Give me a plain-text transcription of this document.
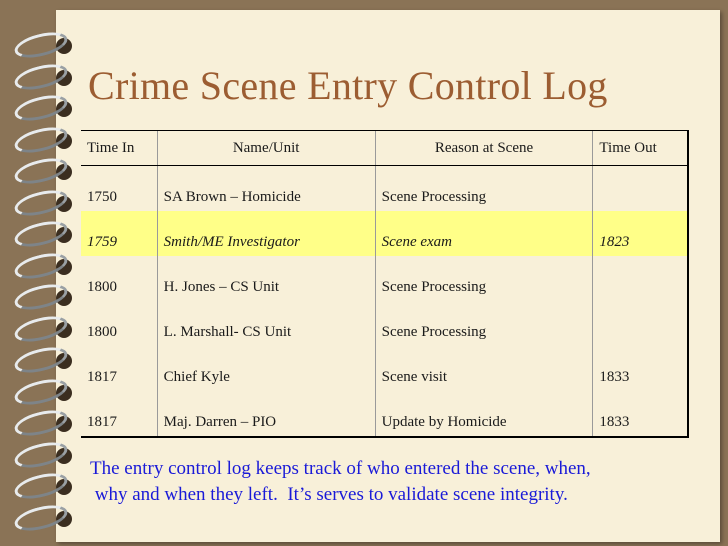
Crime Scene Entry Control Log
Time In	Name/Unit	Reason at Scene	Time Out
1750	SA Brown – Homicide	Scene Processing	
1759	Smith/ME Investigator	Scene exam	1823
1800	H. Jones – CS Unit	Scene Processing	
1800	L. Marshall- CS Unit	Scene Processing	
1817	Chief Kyle	Scene visit	1833
1817	Maj. Darren – PIO	Update by Homicide	1833

The entry control log keeps track of who entered the scene, when,
why and when they left.  It’s serves to validate scene integrity.
